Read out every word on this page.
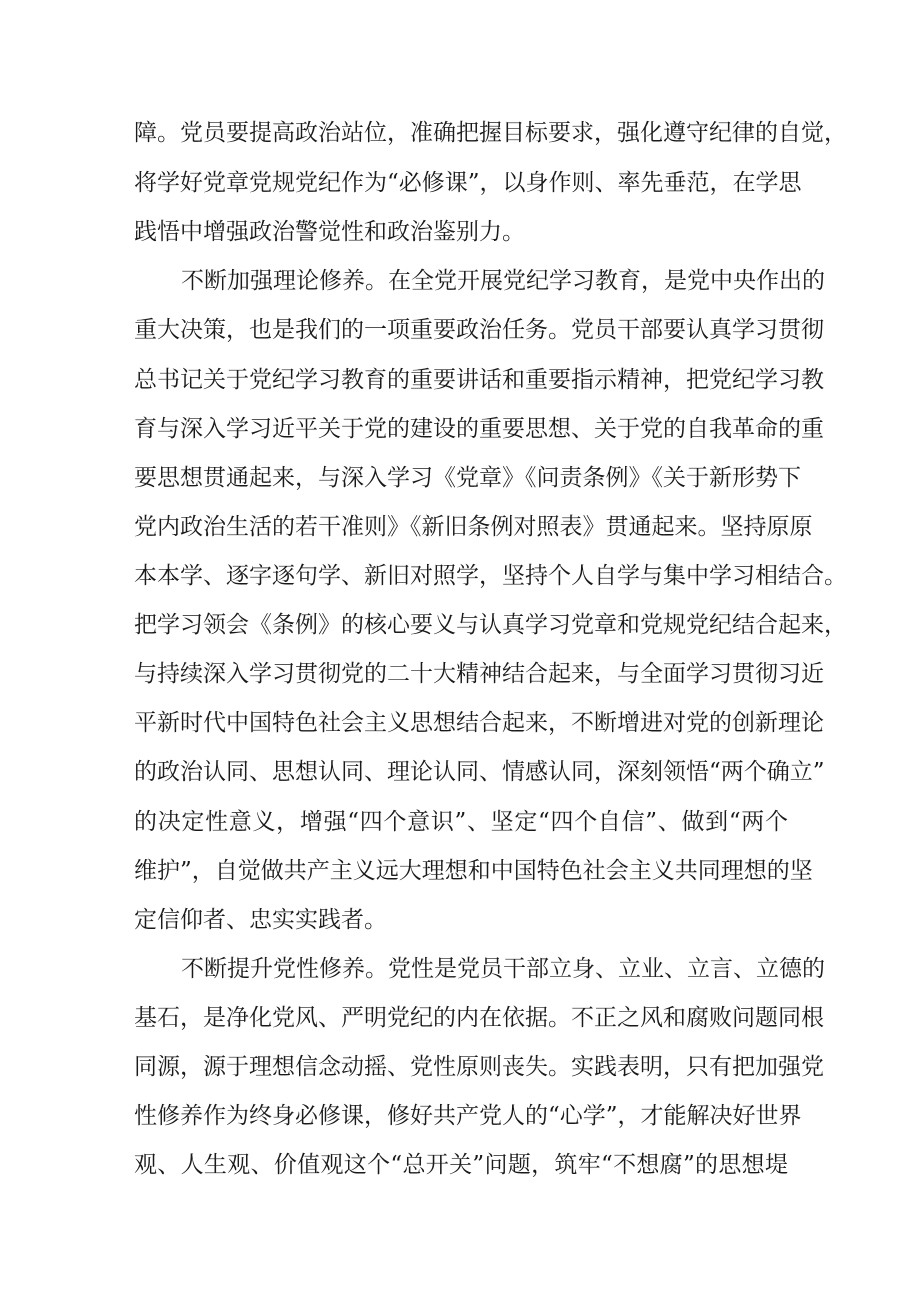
障。党员要提高政治站位，准确把握目标要求，强化遵守纪律的自觉，
将学好党章党规党纪作为“必修课”，以身作则、率先垂范，在学思
践悟中增强政治警觉性和政治鉴别力。
不断加强理论修养。在全党开展党纪学习教育，是党中央作出的
重大决策，也是我们的一项重要政治任务。党员干部要认真学习贯彻
总书记关于党纪学习教育的重要讲话和重要指示精神，把党纪学习教
育与深入学习近平关于党的建设的重要思想、关于党的自我革命的重
要思想贯通起来，与深入学习《党章》《问责条例》《关于新形势下
党内政治生活的若干准则》《新旧条例对照表》贯通起来。坚持原原
本本学、逐字逐句学、新旧对照学，坚持个人自学与集中学习相结合。
把学习领会《条例》的核心要义与认真学习党章和党规党纪结合起来，
与持续深入学习贯彻党的二十大精神结合起来，与全面学习贯彻习近
平新时代中国特色社会主义思想结合起来，不断增进对党的创新理论
的政治认同、思想认同、理论认同、情感认同，深刻领悟“两个确立”
的决定性意义，增强“四个意识”、坚定“四个自信”、做到“两个
维护”，自觉做共产主义远大理想和中国特色社会主义共同理想的坚
定信仰者、忠实实践者。
不断提升党性修养。党性是党员干部立身、立业、立言、立德的
基石，是净化党风、严明党纪的内在依据。不正之风和腐败问题同根
同源，源于理想信念动摇、党性原则丧失。实践表明，只有把加强党
性修养作为终身必修课，修好共产党人的“心学”，才能解决好世界
观、人生观、价值观这个“总开关”问题，筑牢“不想腐”的思想堤
